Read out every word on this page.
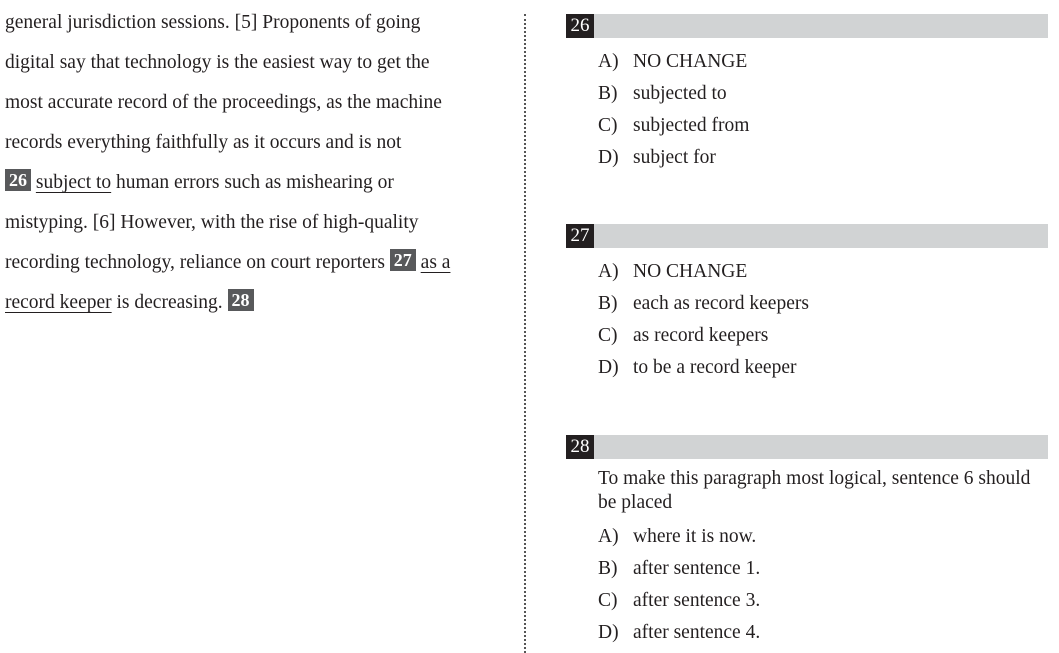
general jurisdiction sessions. [5] Proponents of going
digital say that technology is the easiest way to get the
most accurate record of the proceedings, as the machine
records everything faithfully as it occurs and is not
26 subject to human errors such as mishearing or
mistyping. [6] However, with the rise of high-quality
recording technology, reliance on court reporters 27 as a
record keeper is decreasing. 28
26
A) NO CHANGE
B) subjected to
C) subjected from
D) subject for
27
A) NO CHANGE
B) each as record keepers
C) as record keepers
D) to be a record keeper
28
To make this paragraph most logical, sentence 6 should be placed
A) where it is now.
B) after sentence 1.
C) after sentence 3.
D) after sentence 4.
